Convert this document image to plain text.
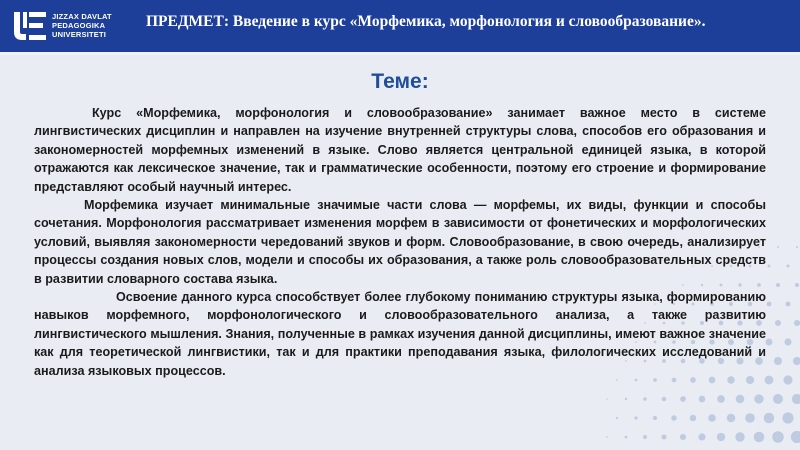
JIZZAX DAVLAT
PEDAGOGIKA
UNIVERSITETI
ПРЕДМЕТ: Введение в курс «Морфемика, морфонология и словообразование».
Теме:

Курс «Морфемика, морфонология и словообразование» занимает важное место в системе лингвистических дисциплин и направлен на изучение внутренней структуры слова, способов его образования и закономерностей морфемных изменений в языке. Слово является центральной единицей языка, в которой отражаются как лексическое значение, так и грамматические особенности, поэтому его строение и формирование представляют особый научный интерес.

Морфемика изучает минимальные значимые части слова — морфемы, их виды, функции и способы сочетания. Морфонология рассматривает изменения морфем в зависимости от фонетических и морфологических условий, выявляя закономерности чередований звуков и форм. Словообразование, в свою очередь, анализирует процессы создания новых слов, модели и способы их образования, а также роль словообразовательных средств в развитии словарного состава языка.

Освоение данного курса способствует более глубокому пониманию структуры языка, формированию навыков морфемного, морфонологического и словообразовательного анализа, а также развитию лингвистического мышления. Знания, полученные в рамках изучения данной дисциплины, имеют важное значение как для теоретической лингвистики, так и для практики преподавания языка, филологических исследований и анализа языковых процессов.
